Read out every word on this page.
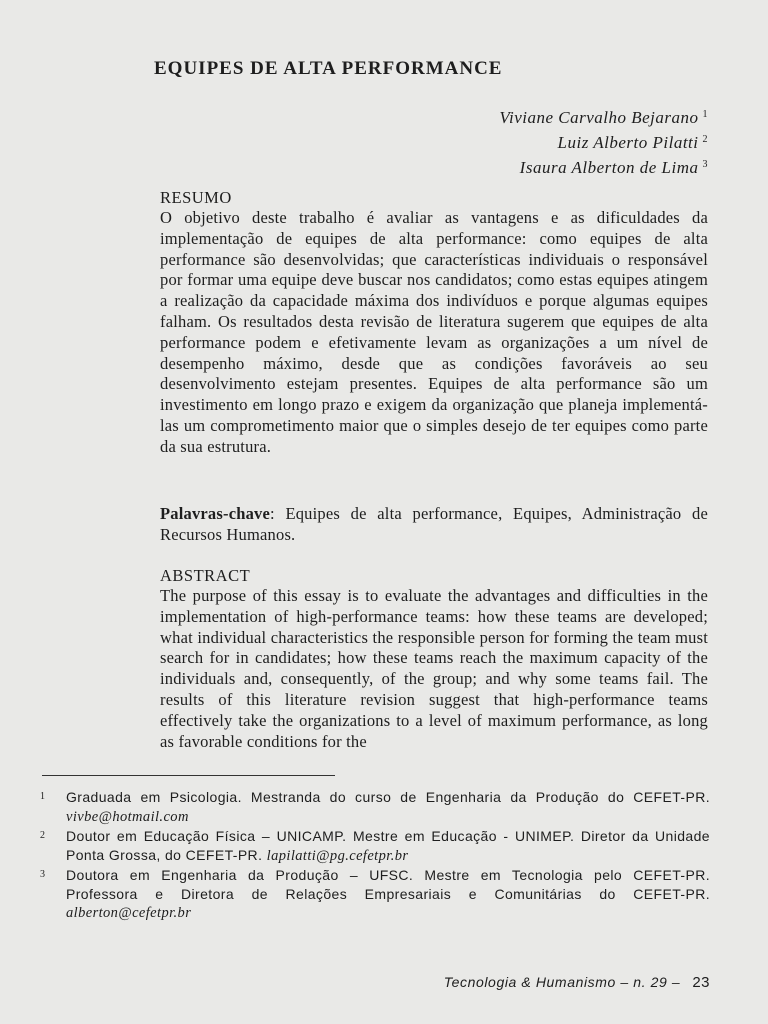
EQUIPES DE ALTA PERFORMANCE
Viviane Carvalho Bejarano $^1$
Luiz Alberto Pilatti $^2$
Isaura Alberton de Lima $^3$
RESUMO
O objetivo deste trabalho é avaliar as vantagens e as dificuldades da implementação de equipes de alta performance: como equipes de alta performance são desenvolvidas; que características individuais o responsável por formar uma equipe deve buscar nos candidatos; como estas equipes atingem a realização da capacidade máxima dos indivíduos e porque algumas equipes falham. Os resultados desta revisão de literatura sugerem que equipes de alta performance podem e efetivamente levam as organizações a um nível de desempenho máximo, desde que as condições favoráveis ao seu desenvolvimento estejam presentes. Equipes de alta performance são um investimento em longo prazo e exigem da organização que planeja implementá-las um comprometimento maior que o simples desejo de ter equipes como parte da sua estrutura.
Palavras-chave: Equipes de alta performance, Equipes, Administração de Recursos Humanos.
ABSTRACT
The purpose of this essay is to evaluate the advantages and difficulties in the implementation of high-performance teams: how these teams are developed; what individual characteristics the responsible person for forming the team must search for in candidates; how these teams reach the maximum capacity of the individuals and, consequently, of the group; and why some teams fail. The results of this literature revision suggest that high-performance teams effectively take the organizations to a level of maximum performance, as long as favorable conditions for the
1 Graduada em Psicologia. Mestranda do curso de Engenharia da Produção do CEFET-PR. vivbe@hotmail.com
2 Doutor em Educação Física – UNICAMP. Mestre em Educação - UNIMEP. Diretor da Unidade Ponta Grossa, do CEFET-PR. lapilatti@pg.cefetpr.br
3 Doutora em Engenharia da Produção – UFSC. Mestre em Tecnologia pelo CEFET-PR. Professora e Diretora de Relações Empresariais e Comunitárias do CEFET-PR. alberton@cefetpr.br
Tecnologia & Humanismo – n. 29 – 23
